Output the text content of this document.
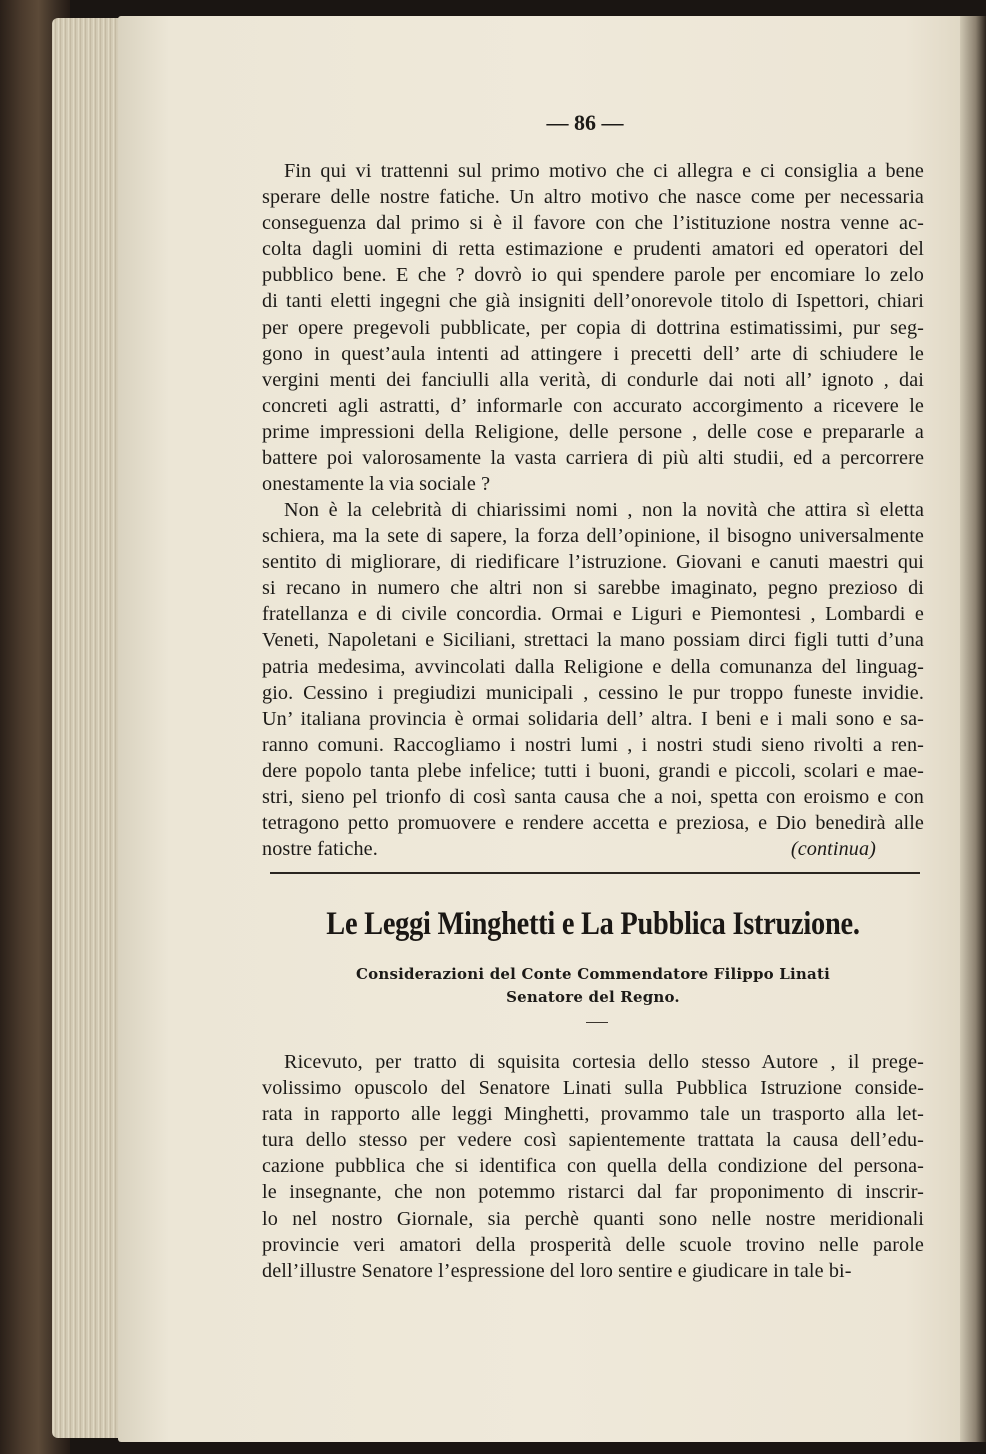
— 86 —

Fin qui vi trattenni sul primo motivo che ci allegra e ci consiglia a bene
sperare delle nostre fatiche. Un altro motivo che nasce come per necessaria
conseguenza dal primo si è il favore con che l’istituzione nostra venne ac-
colta dagli uomini di retta estimazione e prudenti amatori ed operatori del
pubblico bene. E che ? dovrò io qui spendere parole per encomiare lo zelo
di tanti eletti ingegni che già insigniti dell’onorevole titolo di Ispettori, chiari
per opere pregevoli pubblicate, per copia di dottrina estimatissimi, pur seg-
gono in quest’aula intenti ad attingere i precetti dell’ arte di schiudere le
vergini menti dei fanciulli alla verità, di condurle dai noti all’ ignoto , dai
concreti agli astratti, d’ informarle con accurato accorgimento a ricevere le
prime impressioni della Religione, delle persone , delle cose e prepararle a
battere poi valorosamente la vasta carriera di più alti studii, ed a percorrere
onestamente la via sociale ?

Non è la celebrità di chiarissimi nomi , non la novità che attira sì eletta
schiera, ma la sete di sapere, la forza dell’opinione, il bisogno universalmente
sentito di migliorare, di riedificare l’istruzione. Giovani e canuti maestri qui
si recano in numero che altri non si sarebbe imaginato, pegno prezioso di
fratellanza e di civile concordia. Ormai e Liguri e Piemontesi , Lombardi e
Veneti, Napoletani e Siciliani, strettaci la mano possiam dirci figli tutti d’una
patria medesima, avvincolati dalla Religione e della comunanza del linguag-
gio. Cessino i pregiudizi municipali , cessino le pur troppo funeste invidie.
Un’ italiana provincia è ormai solidaria dell’ altra. I beni e i mali sono e sa-
ranno comuni. Raccogliamo i nostri lumi , i nostri studi sieno rivolti a ren-
dere popolo tanta plebe infelice; tutti i buoni, grandi e piccoli, scolari e mae-
stri, sieno pel trionfo di così santa causa che a noi, spetta con eroismo e con
tetragono petto promuovere e rendere accetta e preziosa, e Dio benedirà alle
nostre fatiche.	(continua)

Le Leggi Minghetti e La Pubblica Istruzione.
Considerazioni del Conte Commendatore Filippo Linati
Senatore del Regno.

Ricevuto, per tratto di squisita cortesia dello stesso Autore , il prege-
volissimo opuscolo del Senatore Linati sulla Pubblica Istruzione conside-
rata in rapporto alle leggi Minghetti, provammo tale un trasporto alla let-
tura dello stesso per vedere così sapientemente trattata la causa dell’edu-
cazione pubblica che si identifica con quella della condizione del persona-
le insegnante, che non potemmo ristarci dal far proponimento di inscrir-
lo nel nostro Giornale, sia perchè quanti sono nelle nostre meridionali
provincie veri amatori della prosperità delle scuole trovino nelle parole
dell’illustre Senatore l’espressione del loro sentire e giudicare in tale bi-
